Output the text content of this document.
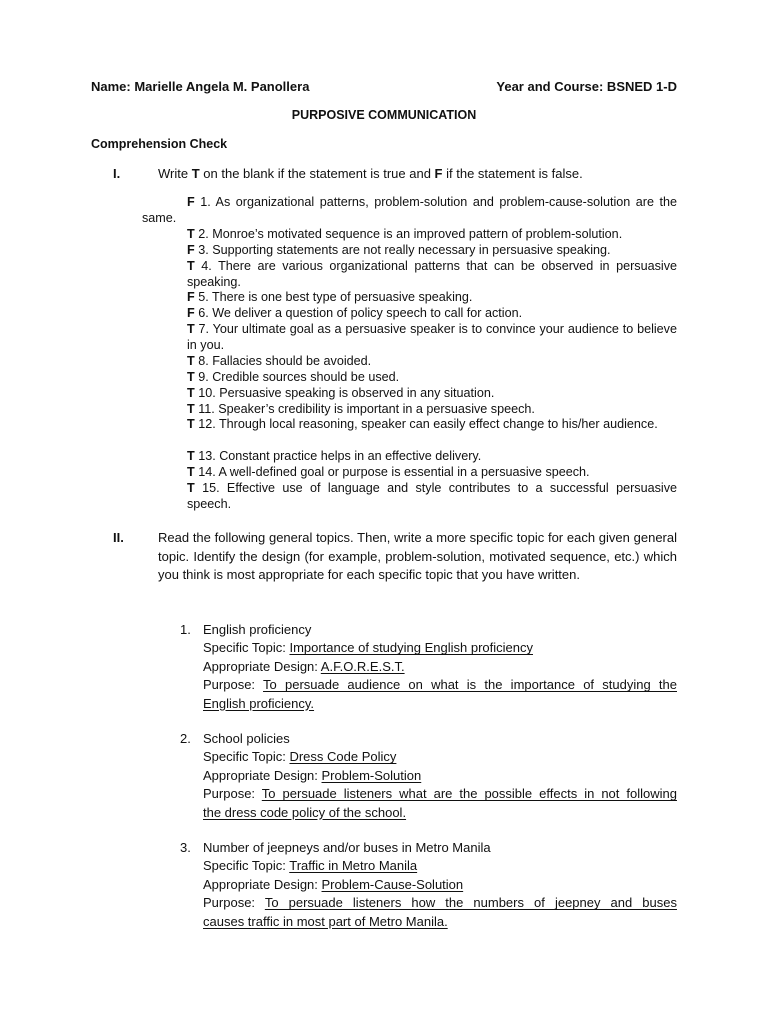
Name: Marielle Angela M. Panollera	Year and Course: BSNED 1-D
PURPOSIVE COMMUNICATION
Comprehension Check
I.	Write T on the blank if the statement is true and F if the statement is false.
F 1. As organizational patterns, problem-solution and problem-cause-solution are the same.
T 2. Monroe’s motivated sequence is an improved pattern of problem-solution.
F 3. Supporting statements are not really necessary in persuasive speaking.
T 4. There are various organizational patterns that can be observed in persuasive speaking.
F 5. There is one best type of persuasive speaking.
F 6. We deliver a question of policy speech to call for action.
T 7. Your ultimate goal as a persuasive speaker is to convince your audience to believe in you.
T 8. Fallacies should be avoided.
T 9. Credible sources should be used.
T 10. Persuasive speaking is observed in any situation.
T 11. Speaker’s credibility is important in a persuasive speech.
T 12. Through local reasoning, speaker can easily effect change to his/her audience.
T 13. Constant practice helps in an effective delivery.
T 14. A well-defined goal or purpose is essential in a persuasive speech.
T 15. Effective use of language and style contributes to a successful persuasive speech.
II.	Read the following general topics. Then, write a more specific topic for each given general topic. Identify the design (for example, problem-solution, motivated sequence, etc.) which you think is most appropriate for each specific topic that you have written.
1. English proficiency
Specific Topic: Importance of studying English proficiency
Appropriate Design: A.F.O.R.E.S.T.
Purpose: To persuade audience on what is the importance of studying the
English proficiency.
2. School policies
Specific Topic: Dress Code Policy
Appropriate Design: Problem-Solution
Purpose: To persuade listeners what are the possible effects in not following
the dress code policy of the school.
3. Number of jeepneys and/or buses in Metro Manila
Specific Topic: Traffic in Metro Manila
Appropriate Design: Problem-Cause-Solution
Purpose: To persuade listeners how the numbers of jeepney and buses
causes traffic in most part of Metro Manila.
